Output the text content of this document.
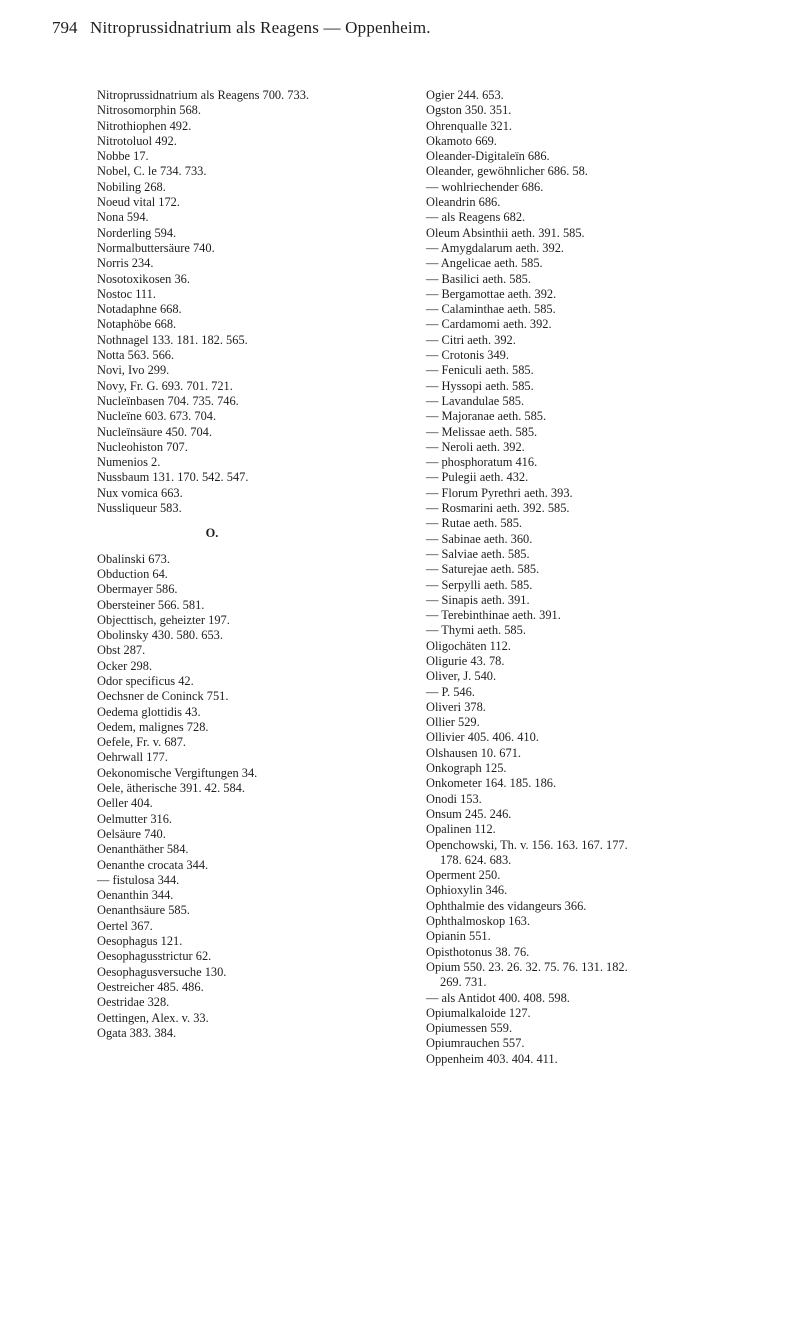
794 Nitroprussidnatrium als Reagens — Oppenheim.
Nitroprussidnatrium als Reagens 700. 733.
Nitrosomorphin 568.
Nitrothiophen 492.
Nitrotoluol 492.
Nobbe 17.
Nobel, C. le 734. 733.
Nobiling 268.
Noeud vital 172.
Nona 594.
Norderling 594.
Normalbuttersäure 740.
Norris 234.
Nosotoxikosen 36.
Nostoc 111.
Notadaphne 668.
Notaphöbe 668.
Nothnagel 133. 181. 182. 565.
Notta 563. 566.
Novi, Ivo 299.
Novy, Fr. G. 693. 701. 721.
Nucleïnbasen 704. 735. 746.
Nucleïne 603. 673. 704.
Nucleïnsäure 450. 704.
Nucleohiston 707.
Numenios 2.
Nussbaum 131. 170. 542. 547.
Nux vomica 663.
Nussliqueur 583.
O.
Obalinski 673.
Obduction 64.
Obermayer 586.
Obersteiner 566. 581.
Objecttisch, geheizter 197.
Obolinsky 430. 580. 653.
Obst 287.
Ocker 298.
Odor specificus 42.
Oechsner de Coninck 751.
Oedema glottidis 43.
Oedem, malignes 728.
Oefele, Fr. v. 687.
Oehrwall 177.
Oekonomische Vergiftungen 34.
Oele, ätherische 391. 42. 584.
Oeller 404.
Oelmutter 316.
Oelsäure 740.
Oenanthäther 584.
Oenanthe crocata 344.
— fistulosa 344.
Oenanthin 344.
Oenanthsäure 585.
Oertel 367.
Oesophagus 121.
Oesophagusstrictur 62.
Oesophagusversuche 130.
Oestreicher 485. 486.
Oestridae 328.
Oettingen, Alex. v. 33.
Ogata 383. 384.
Ogier 244. 653.
Ogston 350. 351.
Ohrenqualle 321.
Okamoto 669.
Oleander-Digitaleïn 686.
Oleander, gewöhnlicher 686. 58.
— wohlriechender 686.
Oleandrin 686.
— als Reagens 682.
Oleum Absinthii aeth. 391. 585.
— Amygdalarum aeth. 392.
— Angelicae aeth. 585.
— Basilici aeth. 585.
— Bergamottae aeth. 392.
— Calaminthae aeth. 585.
— Cardamomi aeth. 392.
— Citri aeth. 392.
— Crotonis 349.
— Feniculi aeth. 585.
— Hyssopi aeth. 585.
— Lavandulae 585.
— Majoranae aeth. 585.
— Melissae aeth. 585.
— Neroli aeth. 392.
— phosphoratum 416.
— Pulegii aeth. 432.
— Florum Pyrethri aeth. 393.
— Rosmarini aeth. 392. 585.
— Rutae aeth. 585.
— Sabinae aeth. 360.
— Salviae aeth. 585.
— Saturejae aeth. 585.
— Serpylli aeth. 585.
— Sinapis aeth. 391.
— Terebinthinae aeth. 391.
— Thymi aeth. 585.
Oligochäten 112.
Oligurie 43. 78.
Oliver, J. 540.
— P. 546.
Oliveri 378.
Ollier 529.
Ollivier 405. 406. 410.
Olshausen 10. 671.
Onkograph 125.
Onkometer 164. 185. 186.
Onodi 153.
Onsum 245. 246.
Opalinen 112.
Openchowski, Th. v. 156. 163. 167. 177.
178. 624. 683.
Operment 250.
Ophioxylin 346.
Ophthalmie des vidangeurs 366.
Ophthalmoskop 163.
Opianin 551.
Opisthotonus 38. 76.
Opium 550. 23. 26. 32. 75. 76. 131. 182.
269. 731.
— als Antidot 400. 408. 598.
Opiumalkaloide 127.
Opiumessen 559.
Opiumrauchen 557.
Oppenheim 403. 404. 411.
